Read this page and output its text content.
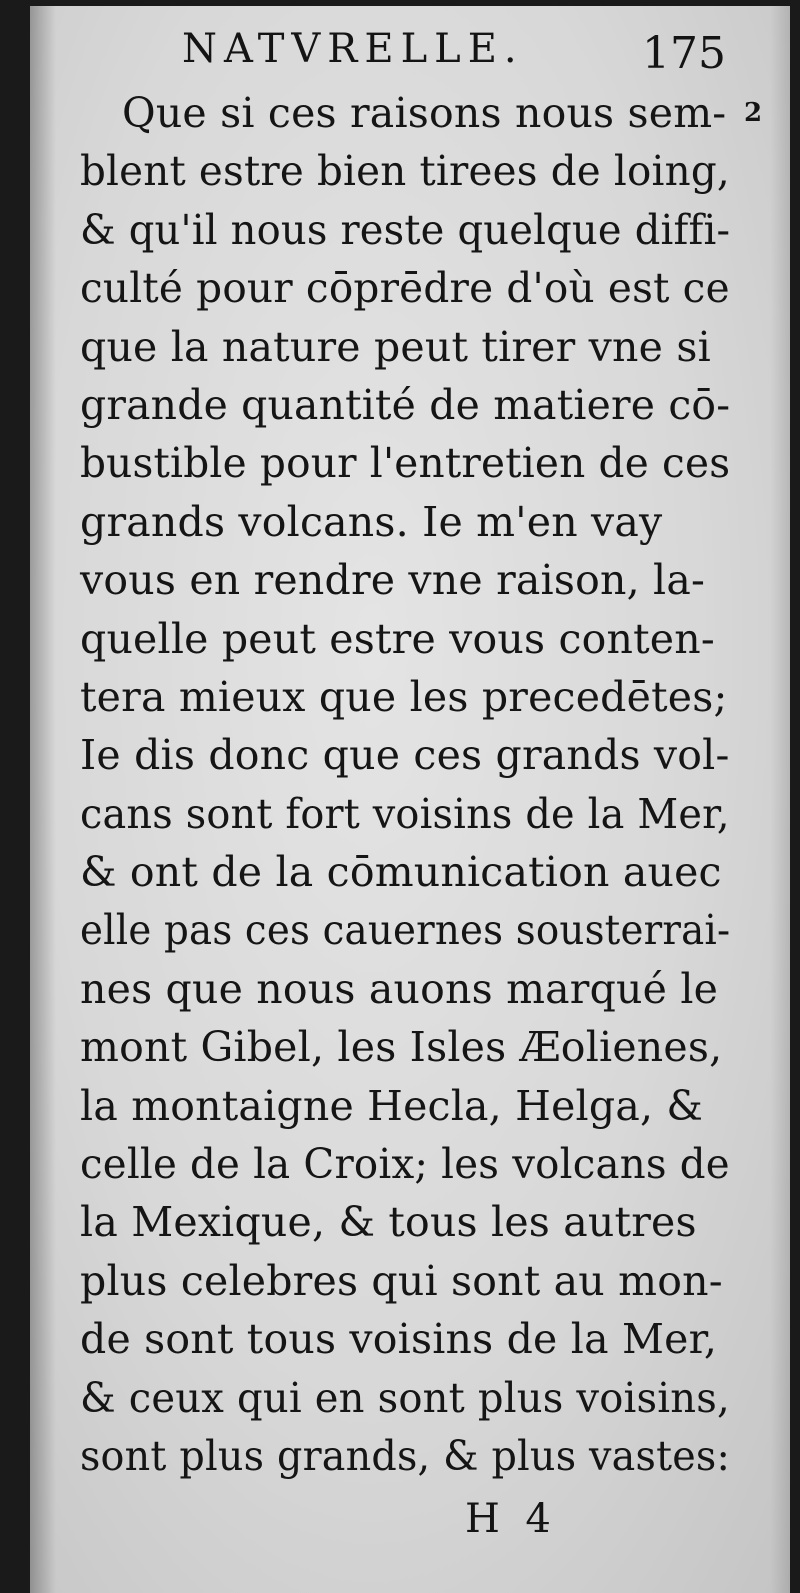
NATVRELLE.	175
2
Que si ces raisons nous sem-
blent estre bien tirees de loing,
& qu'il nous reste quelque diffi-
culté pour cōprēdre d'où est ce
que la nature peut tirer vne si
grande quantité de matiere cō-
bustible pour l'entretien de ces
grands volcans. Ie m'en vay
vous en rendre vne raison, la-
quelle peut estre vous conten-
tera mieux que les precedētes;
Ie dis donc que ces grands vol-
cans sont fort voisins de la Mer,
& ont de la cōmunication auec
elle pas ces cauernes sousterrai-
nes que nous auons marqué le
mont Gibel, les Isles Æolienes,
la montaigne Hecla, Helga, &
celle de la Croix; les volcans de
la Mexique, & tous les autres
plus celebres qui sont au mon-
de sont tous voisins de la Mer,
& ceux qui en sont plus voisins,
sont plus grands, & plus vastes:
H  4
